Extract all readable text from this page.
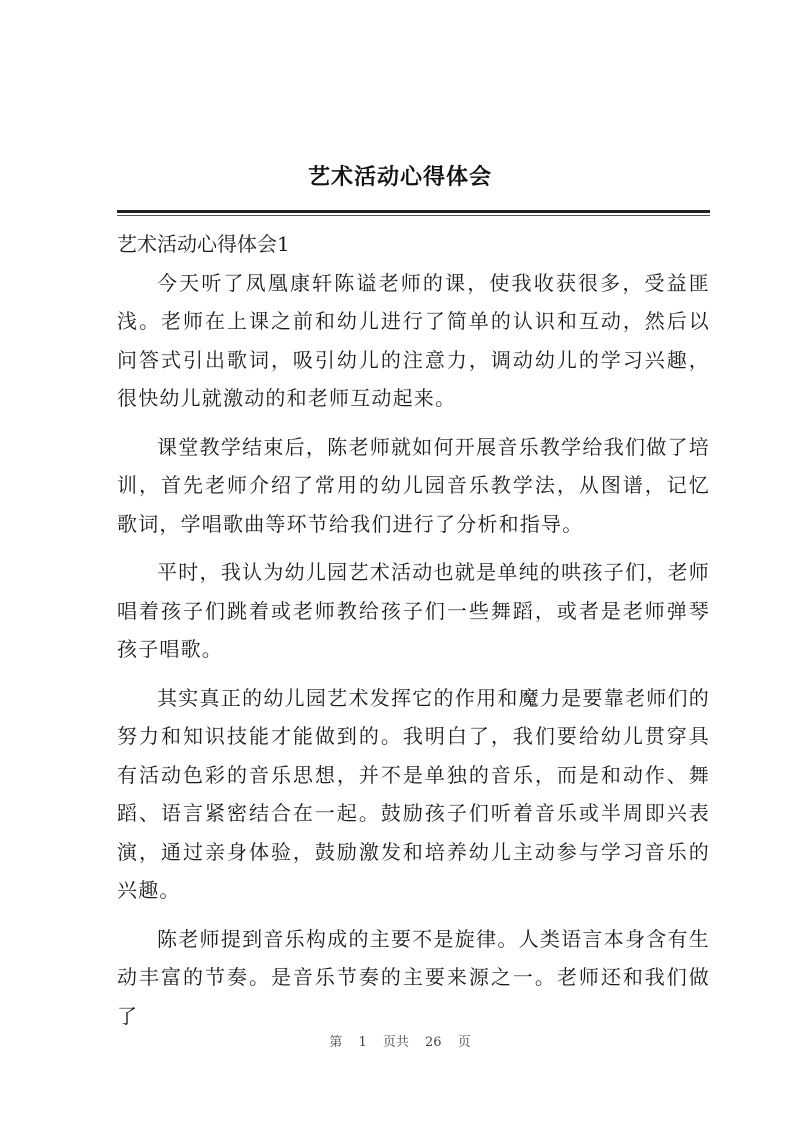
艺术活动心得体会

艺术活动心得体会1

今天听了凤凰康轩陈谥老师的课，使我收获很多，受益匪浅。老师在上课之前和幼儿进行了简单的认识和互动，然后以问答式引出歌词，吸引幼儿的注意力，调动幼儿的学习兴趣，很快幼儿就激动的和老师互动起来。

课堂教学结束后，陈老师就如何开展音乐教学给我们做了培训，首先老师介绍了常用的幼儿园音乐教学法，从图谱，记忆歌词，学唱歌曲等环节给我们进行了分析和指导。

平时，我认为幼儿园艺术活动也就是单纯的哄孩子们，老师唱着孩子们跳着或老师教给孩子们一些舞蹈，或者是老师弹琴孩子唱歌。

其实真正的幼儿园艺术发挥它的作用和魔力是要靠老师们的努力和知识技能才能做到的。我明白了，我们要给幼儿贯穿具有活动色彩的音乐思想，并不是单独的音乐，而是和动作、舞蹈、语言紧密结合在一起。鼓励孩子们听着音乐或半周即兴表演，通过亲身体验，鼓励激发和培养幼儿主动参与学习音乐的兴趣。

陈老师提到音乐构成的主要不是旋律。人类语言本身含有生动丰富的节奏。是音乐节奏的主要来源之一。老师还和我们做了

第 1 页共 26 页
